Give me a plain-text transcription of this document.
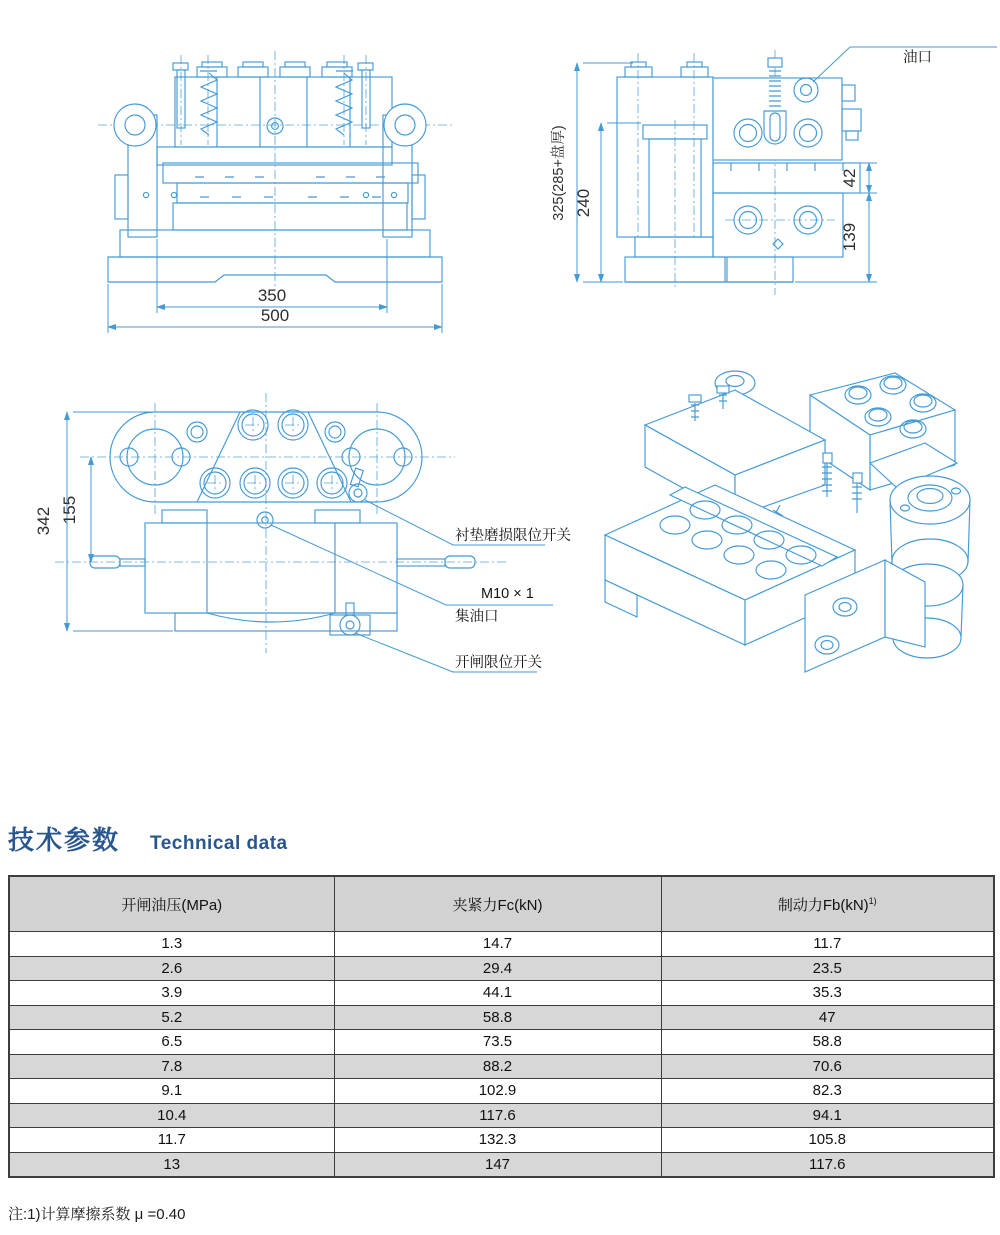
350
500
325(285+盘厚) 240
42
139
油口
342 155
衬垫磨损限位开关
M10 × 1
集油口
开闸限位开关
技术参数 Technical data
开闸油压(MPa)	夹紧力Fc(kN)	制动力Fb(kN)$^{1)}$
1.3	14.7	11.7
2.6	29.4	23.5
3.9	44.1	35.3
5.2	58.8	47
6.5	73.5	58.8
7.8	88.2	70.6
9.1	102.9	82.3
10.4	117.6	94.1
11.7	132.3	105.8
13	147	117.6
注:1)计算摩擦系数 μ =0.40
